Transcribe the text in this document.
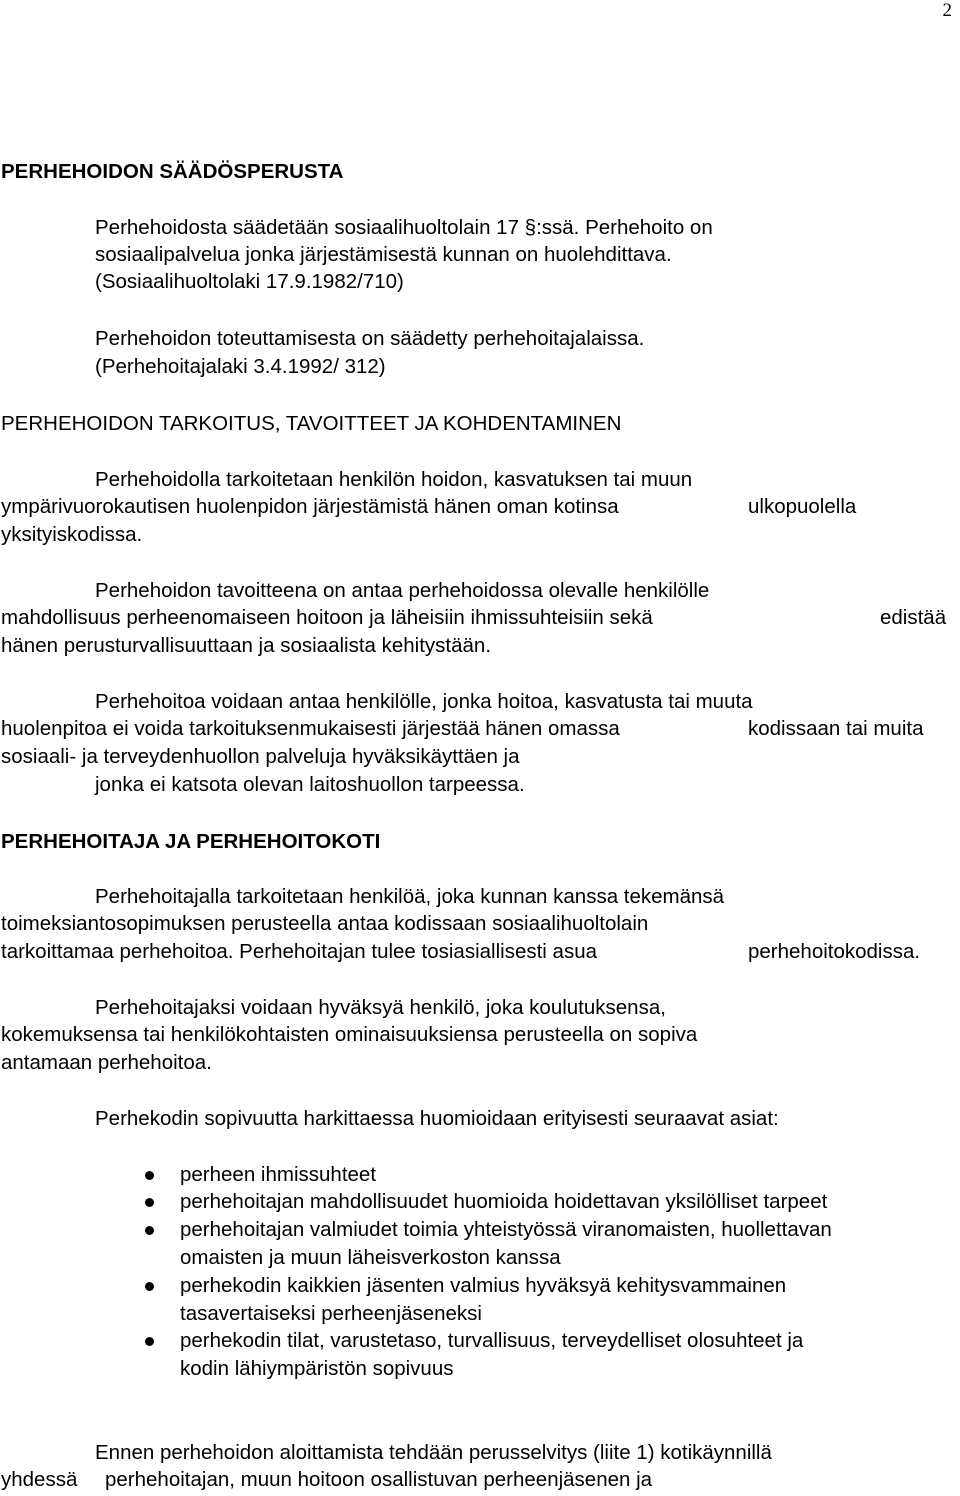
2
PERHEHOIDON SÄÄDÖSPERUSTA
Perhehoidosta säädetään sosiaalihuoltolain 17 §:ssä. Perhehoito on
sosiaalipalvelua jonka järjestämisestä kunnan on huolehdittava.
(Sosiaalihuoltolaki 17.9.1982/710)
Perhehoidon toteuttamisesta on säädetty perhehoitajalaissa.
(Perhehoitajalaki 3.4.1992/ 312)
PERHEHOIDON TARKOITUS, TAVOITTEET JA KOHDENTAMINEN
Perhehoidolla tarkoitetaan henkilön hoidon, kasvatuksen tai muun
ympärivuorokautisen huolenpidon järjestämistä hänen oman kotinsa	ulkopuolella
yksityiskodissa.
Perhehoidon tavoitteena on antaa perhehoidossa olevalle henkilölle
mahdollisuus perheenomaiseen hoitoon ja läheisiin ihmissuhteisiin sekä	edistää
hänen perusturvallisuuttaan ja sosiaalista kehitystään.
Perhehoitoa voidaan antaa henkilölle, jonka hoitoa, kasvatusta tai muuta
huolenpitoa ei voida tarkoituksenmukaisesti järjestää hänen omassa	kodissaan tai muita
sosiaali- ja terveydenhuollon palveluja hyväksikäyttäen ja
jonka ei katsota olevan laitoshuollon tarpeessa.
PERHEHOITAJA JA PERHEHOITOKOTI
Perhehoitajalla tarkoitetaan henkilöä, joka kunnan kanssa tekemänsä
toimeksiantosopimuksen perusteella antaa kodissaan sosiaalihuoltolain
tarkoittamaa perhehoitoa. Perhehoitajan tulee tosiasiallisesti asua	perhehoitokodissa.
Perhehoitajaksi voidaan hyväksyä henkilö, joka koulutuksensa,
kokemuksensa tai henkilökohtaisten ominaisuuksiensa perusteella on sopiva
antamaan perhehoitoa.
Perhekodin sopivuutta harkittaessa huomioidaan erityisesti seuraavat asiat:
perheen ihmissuhteet
perhehoitajan mahdollisuudet huomioida hoidettavan yksilölliset tarpeet
perhehoitajan valmiudet toimia yhteistyössä viranomaisten, huollettavan
omaisten ja muun läheisverkoston kanssa
perhekodin kaikkien jäsenten valmius hyväksyä kehitysvammainen
tasavertaiseksi perheenjäseneksi
perhekodin tilat, varustetaso, turvallisuus, terveydelliset olosuhteet ja
kodin lähiympäristön sopivuus
Ennen perhehoidon aloittamista tehdään perusselvitys (liite 1) kotikäynnillä
yhdessä perhehoitajan, muun hoitoon osallistuvan perheenjäsenen ja
